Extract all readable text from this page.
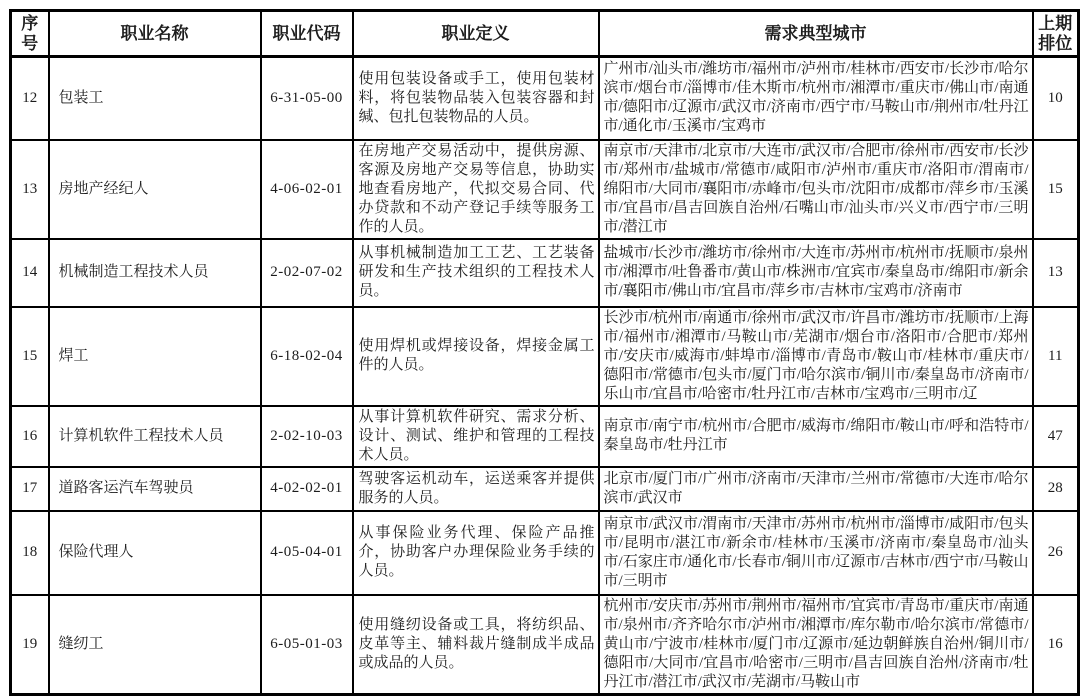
序号	职业名称	职业代码	职业定义	需求典型城市	上期排位
12	包装工	6-31-05-00	使用包装设备或手工，使用包装材料，将包装物品装入包装容器和封缄、包扎包装物品的人员。	广州市/汕头市/潍坊市/福州市/泸州市/桂林市/西安市/长沙市/哈尔滨市/烟台市/淄博市/佳木斯市/杭州市/湘潭市/重庆市/佛山市/南通市/德阳市/辽源市/武汉市/济南市/西宁市/马鞍山市/荆州市/牡丹江市/通化市/玉溪市/宝鸡市	10
13	房地产经纪人	4-06-02-01	在房地产交易活动中，提供房源、客源及房地产交易等信息，协助实地查看房地产，代拟交易合同、代办贷款和不动产登记手续等服务工作的人员。	南京市/天津市/北京市/大连市/武汉市/合肥市/徐州市/西安市/长沙市/郑州市/盐城市/常德市/咸阳市/泸州市/重庆市/洛阳市/渭南市/绵阳市/大同市/襄阳市/赤峰市/包头市/沈阳市/成都市/萍乡市/玉溪市/宜昌市/昌吉回族自治州/石嘴山市/汕头市/兴义市/西宁市/三明市/潜江市	15
14	机械制造工程技术人员	2-02-07-02	从事机械制造加工工艺、工艺装备研发和生产技术组织的工程技术人员。	盐城市/长沙市/潍坊市/徐州市/大连市/苏州市/杭州市/抚顺市/泉州市/湘潭市/吐鲁番市/黄山市/株洲市/宜宾市/秦皇岛市/绵阳市/新余市/襄阳市/佛山市/宜昌市/萍乡市/吉林市/宝鸡市/济南市	13
15	焊工	6-18-02-04	使用焊机或焊接设备，焊接金属工件的人员。	长沙市/杭州市/南通市/徐州市/武汉市/许昌市/潍坊市/抚顺市/上海市/福州市/湘潭市/马鞍山市/芜湖市/烟台市/洛阳市/合肥市/郑州市/安庆市/威海市/蚌埠市/淄博市/青岛市/鞍山市/桂林市/重庆市/德阳市/常德市/包头市/厦门市/哈尔滨市/铜川市/秦皇岛市/济南市/乐山市/宜昌市/哈密市/牡丹江市/吉林市/宝鸡市/三明市/辽	11
16	计算机软件工程技术人员	2-02-10-03	从事计算机软件研究、需求分析、设计、测试、维护和管理的工程技术人员。	南京市/南宁市/杭州市/合肥市/威海市/绵阳市/鞍山市/呼和浩特市/秦皇岛市/牡丹江市	47
17	道路客运汽车驾驶员	4-02-02-01	驾驶客运机动车，运送乘客并提供服务的人员。	北京市/厦门市/广州市/济南市/天津市/兰州市/常德市/大连市/哈尔滨市/武汉市	28
18	保险代理人	4-05-04-01	从事保险业务代理、保险产品推介，协助客户办理保险业务手续的人员。	南京市/武汉市/渭南市/天津市/苏州市/杭州市/淄博市/咸阳市/包头市/昆明市/湛江市/新余市/桂林市/玉溪市/济南市/秦皇岛市/汕头市/石家庄市/通化市/长春市/铜川市/辽源市/吉林市/西宁市/马鞍山市/三明市	26
19	缝纫工	6-05-01-03	使用缝纫设备或工具，将纺织品、皮革等主、辅料裁片缝制成半成品或成品的人员。	杭州市/安庆市/苏州市/荆州市/福州市/宜宾市/青岛市/重庆市/南通市/泉州市/齐齐哈尔市/泸州市/湘潭市/库尔勒市/哈尔滨市/常德市/黄山市/宁波市/桂林市/厦门市/辽源市/延边朝鲜族自治州/铜川市/德阳市/大同市/宜昌市/哈密市/三明市/昌吉回族自治州/济南市/牡丹江市/潜江市/武汉市/芜湖市/马鞍山市	16
